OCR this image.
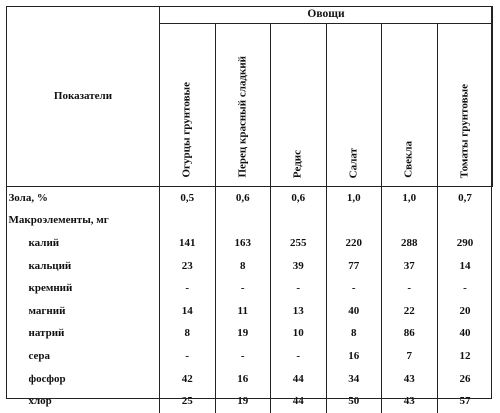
Показатели	Овощи					

	Огурцы грунтовые	Перец красный сладкий	Редис	Салат	Свекла	Томаты грунтовые

Зола, %	0,5	0,6	0,6	1,0	1,0	0,7
Макроэлементы, мг						
калий	141	163	255	220	288	290
кальций	23	8	39	77	37	14
кремний	-	-	-	-	-	-
магний	14	11	13	40	22	20
натрий	8	19	10	8	86	40
сера	-	-	-	16	7	12
фосфор	42	16	44	34	43	26
хлор	25	19	44	50	43	57
